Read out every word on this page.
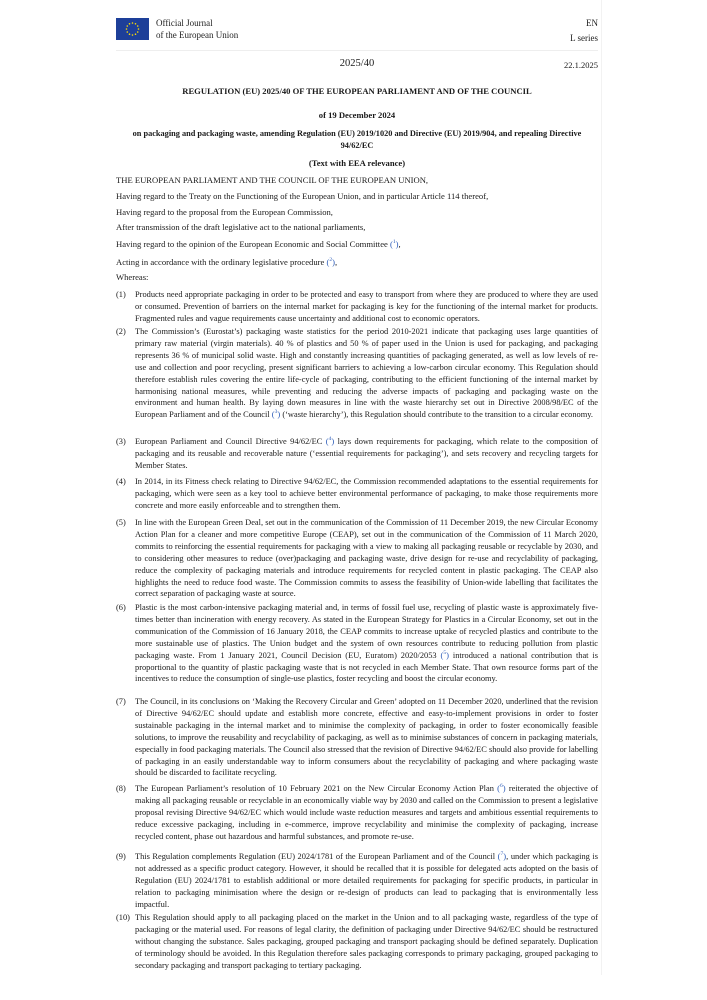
Official Journal
of the European Union
EN
L series
2025/40	22.1.2025
REGULATION (EU) 2025/40 OF THE EUROPEAN PARLIAMENT AND OF THE COUNCIL
of 19 December 2024
on packaging and packaging waste, amending Regulation (EU) 2019/1020 and Directive (EU) 2019/904, and repealing Directive
94/62/EC
(Text with EEA relevance)
THE EUROPEAN PARLIAMENT AND THE COUNCIL OF THE EUROPEAN UNION,
Having regard to the Treaty on the Functioning of the European Union, and in particular Article 114 thereof,
Having regard to the proposal from the European Commission,
After transmission of the draft legislative act to the national parliaments,
Having regard to the opinion of the European Economic and Social Committee ($^1$),
Acting in accordance with the ordinary legislative procedure ($^2$),
Whereas:
(1) Products need appropriate packaging in order to be protected and easy to transport from where they are produced to where they are used or consumed. Prevention of barriers on the internal market for packaging is key for the functioning of the internal market for products. Fragmented rules and vague requirements cause uncertainty and additional cost to economic operators.
(2) The Commission’s (Eurostat’s) packaging waste statistics for the period 2010-2021 indicate that packaging uses large quantities of primary raw material (virgin materials). 40 % of plastics and 50 % of paper used in the Union is used for packaging, and packaging represents 36 % of municipal solid waste. High and constantly increasing quantities of packaging generated, as well as low levels of re-use and collection and poor recycling, present significant barriers to achieving a low-carbon circular economy. This Regulation should therefore establish rules covering the entire life-cycle of packaging, contributing to the efficient functioning of the internal market by harmonising national measures, while preventing and reducing the adverse impacts of packaging and packaging waste on the environment and human health. By laying down measures in line with the waste hierarchy set out in Directive 2008/98/EC of the European Parliament and of the Council ($^3$) (‘waste hierarchy’), this Regulation should contribute to the transition to a circular economy.
(3) European Parliament and Council Directive 94/62/EC ($^4$) lays down requirements for packaging, which relate to the composition of packaging and its reusable and recoverable nature (‘essential requirements for packaging’), and sets recovery and recycling targets for Member States.
(4) In 2014, in its Fitness check relating to Directive 94/62/EC, the Commission recommended adaptations to the essential requirements for packaging, which were seen as a key tool to achieve better environmental performance of packaging, to make those requirements more concrete and more easily enforceable and to strengthen them.
(5) In line with the European Green Deal, set out in the communication of the Commission of 11 December 2019, the new Circular Economy Action Plan for a cleaner and more competitive Europe (CEAP), set out in the communication of the Commission of 11 March 2020, commits to reinforcing the essential requirements for packaging with a view to making all packaging reusable or recyclable by 2030, and to considering other measures to reduce (over)packaging and packaging waste, drive design for re-use and recyclability of packaging, reduce the complexity of packaging materials and introduce requirements for recycled content in plastic packaging. The CEAP also highlights the need to reduce food waste. The Commission commits to assess the feasibility of Union-wide labelling that facilitates the correct separation of packaging waste at source.
(6) Plastic is the most carbon-intensive packaging material and, in terms of fossil fuel use, recycling of plastic waste is approximately five-times better than incineration with energy recovery. As stated in the European Strategy for Plastics in a Circular Economy, set out in the communication of the Commission of 16 January 2018, the CEAP commits to increase uptake of recycled plastics and contribute to the more sustainable use of plastics. The Union budget and the system of own resources contribute to reducing pollution from plastic packaging waste. From 1 January 2021, Council Decision (EU, Euratom) 2020/2053 ($^5$) introduced a national contribution that is proportional to the quantity of plastic packaging waste that is not recycled in each Member State. That own resource forms part of the incentives to reduce the consumption of single-use plastics, foster recycling and boost the circular economy.
(7) The Council, in its conclusions on ‘Making the Recovery Circular and Green’ adopted on 11 December 2020, underlined that the revision of Directive 94/62/EC should update and establish more concrete, effective and easy-to-implement provisions in order to foster sustainable packaging in the internal market and to minimise the complexity of packaging, in order to foster economically feasible solutions, to improve the reusability and recyclability of packaging, as well as to minimise substances of concern in packaging materials, especially in food packaging materials. The Council also stressed that the revision of Directive 94/62/EC should also provide for labelling of packaging in an easily understandable way to inform consumers about the recyclability of packaging and where packaging waste should be discarded to facilitate recycling.
(8) The European Parliament’s resolution of 10 February 2021 on the New Circular Economy Action Plan ($^6$) reiterated the objective of making all packaging reusable or recyclable in an economically viable way by 2030 and called on the Commission to present a legislative proposal revising Directive 94/62/EC which would include waste reduction measures and targets and ambitious essential requirements to reduce excessive packaging, including in e-commerce, improve recyclability and minimise the complexity of packaging, increase recycled content, phase out hazardous and harmful substances, and promote re-use.
(9) This Regulation complements Regulation (EU) 2024/1781 of the European Parliament and of the Council ($^7$), under which packaging is not addressed as a specific product category. However, it should be recalled that it is possible for delegated acts adopted on the basis of Regulation (EU) 2024/1781 to establish additional or more detailed requirements for packaging for specific products, in particular in relation to packaging minimisation where the design or re-design of products can lead to packaging that is environmentally less impactful.
(10) This Regulation should apply to all packaging placed on the market in the Union and to all packaging waste, regardless of the type of packaging or the material used. For reasons of legal clarity, the definition of packaging under Directive 94/62/EC should be restructured without changing the substance. Sales packaging, grouped packaging and transport packaging should be defined separately. Duplication of terminology should be avoided. In this Regulation therefore sales packaging corresponds to primary packaging, grouped packaging to secondary packaging and transport packaging to tertiary packaging.
